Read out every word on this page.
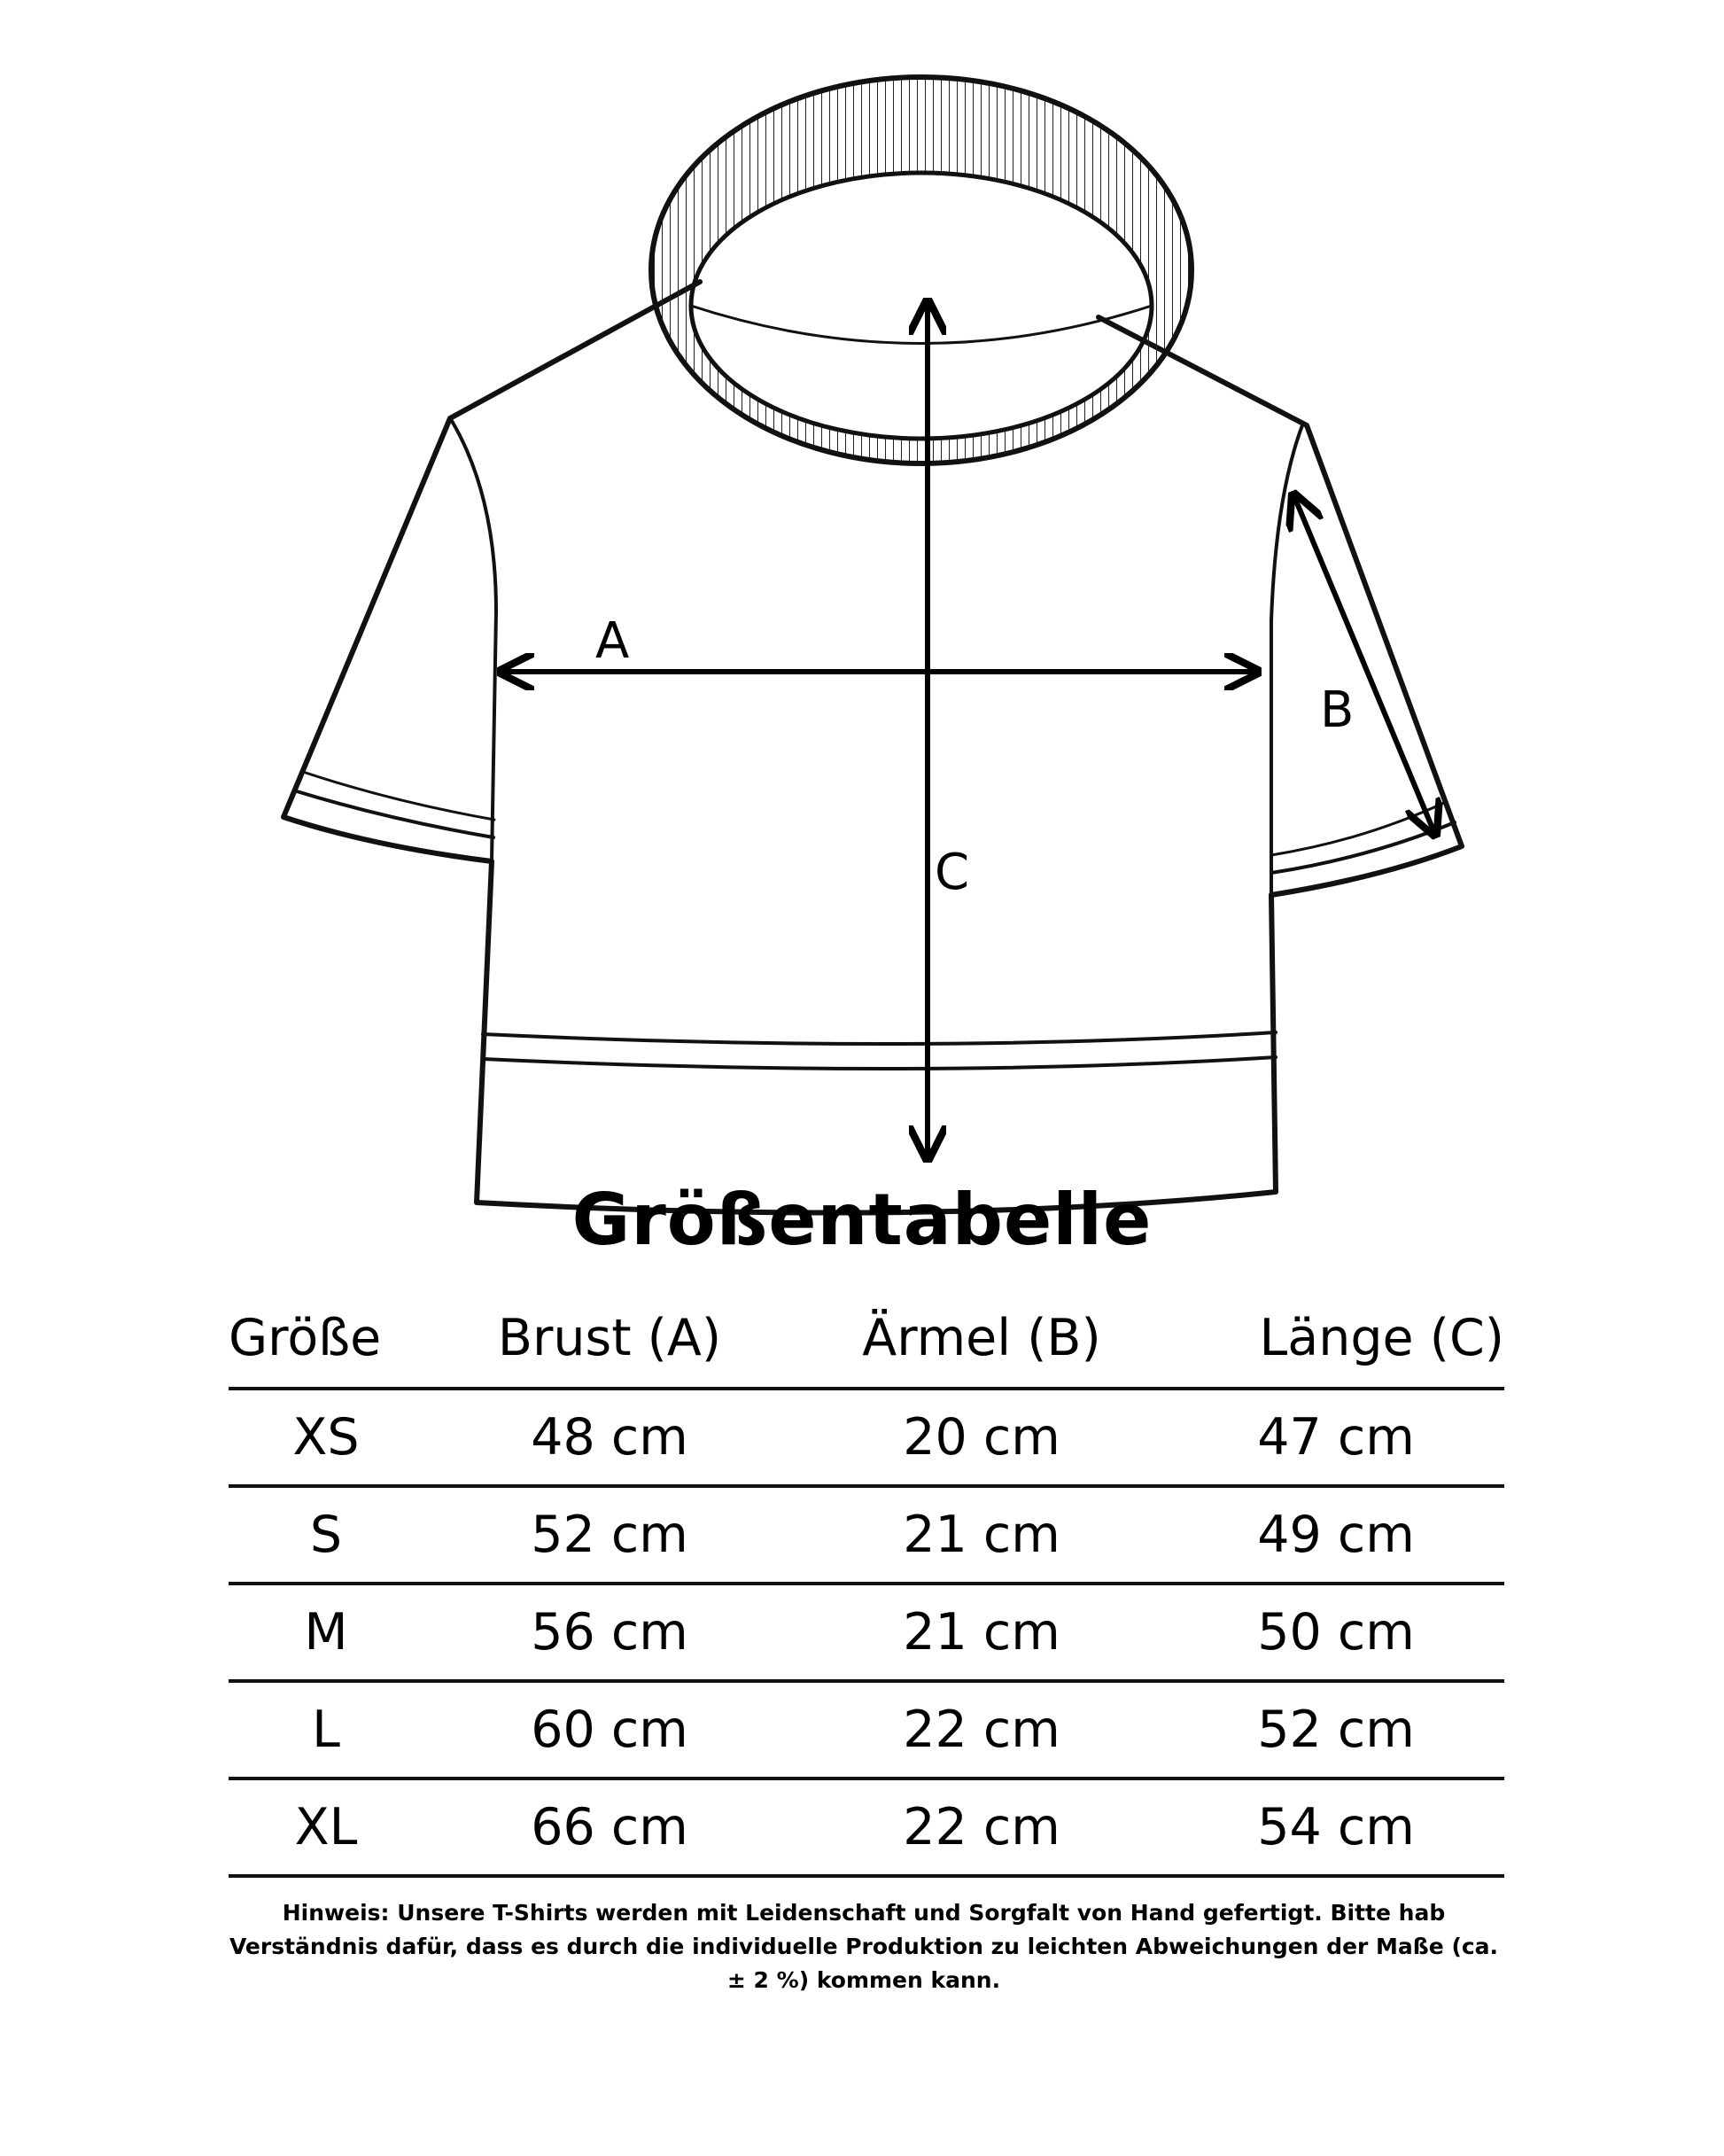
A
B
C
Größentabelle
Größe	Brust (A)	Ärmel (B)	Länge (C)
XS	48 cm	20 cm	47 cm
S	52 cm	21 cm	49 cm
M	56 cm	21 cm	50 cm
L	60 cm	22 cm	52 cm
XL	66 cm	22 cm	54 cm
Hinweis: Unsere T-Shirts werden mit Leidenschaft und Sorgfalt von Hand gefertigt. Bitte hab Verständnis dafür, dass es durch die individuelle Produktion zu leichten Abweichungen der Maße (ca. ± 2 %) kommen kann.
